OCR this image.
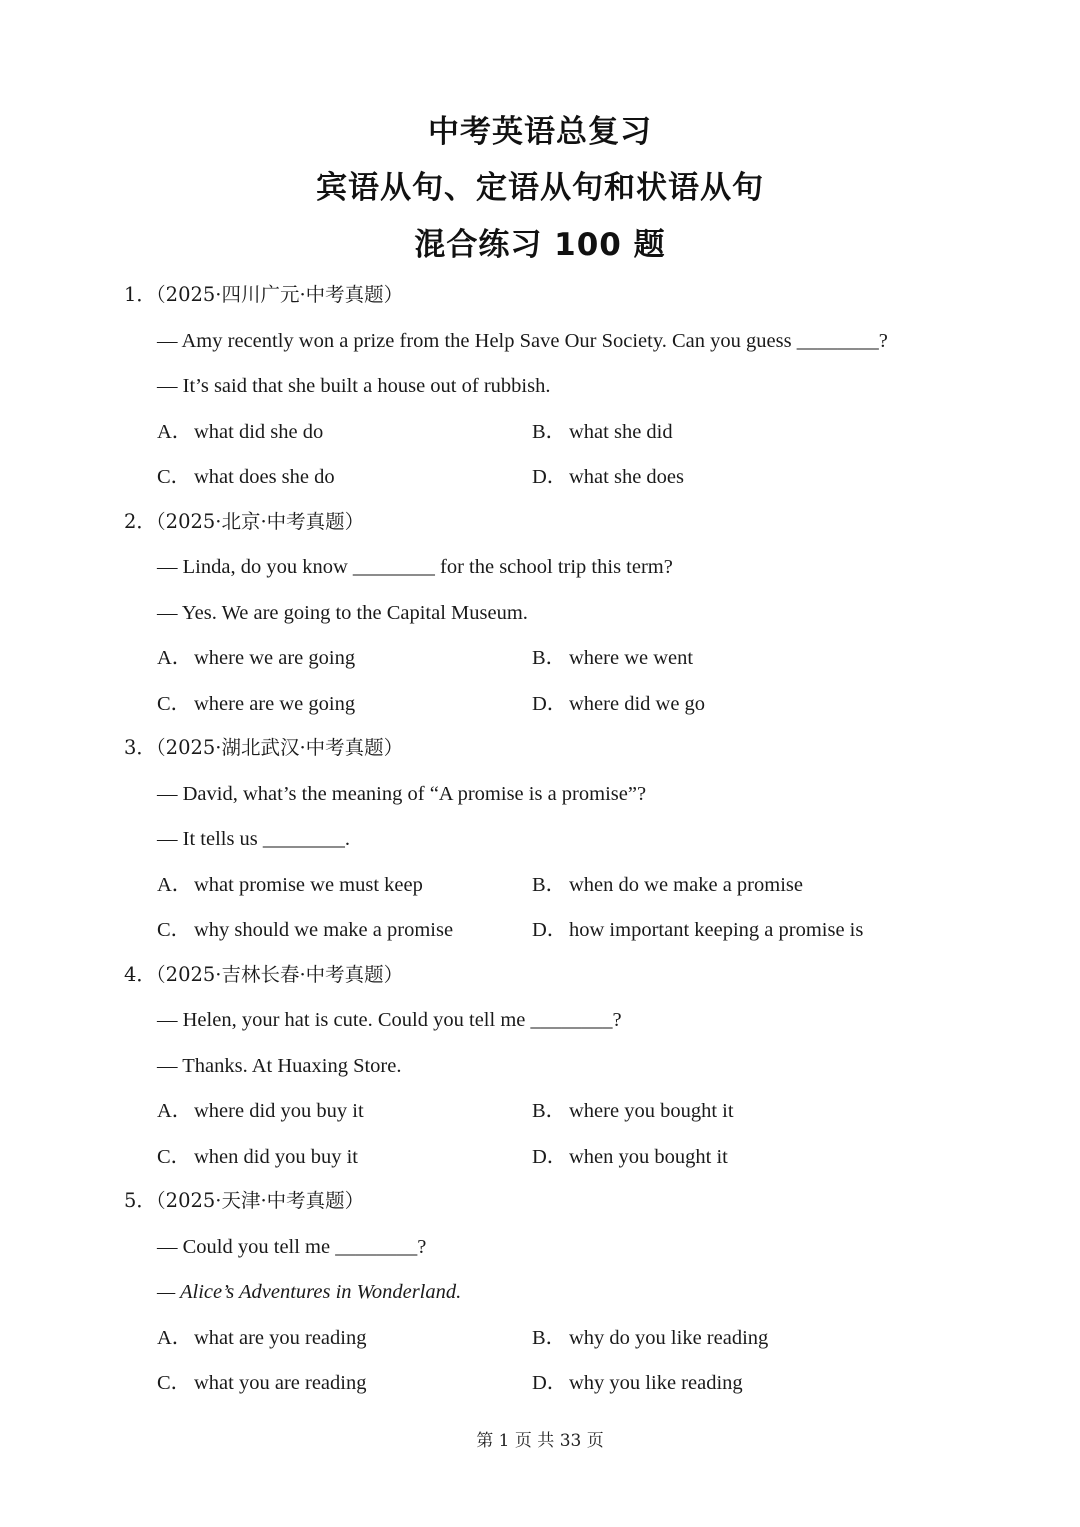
中考英语总复习
宾语从句、定语从句和状语从句
混合练习 100 题
1．（2025·四川广元·中考真题）
— Amy recently won a prize from the Help Save Our Society. Can you guess ________?
— It’s said that she built a house out of rubbish.
A．what did she do	B． what she did
C． what does she do	D．what she does
2．（2025·北京·中考真题）
— Linda, do you know ________ for the school trip this term?
— Yes. We are going to the Capital Museum.
A．where we are going	B． where we went
C． where are we going	D．where did we go
3．（2025·湖北武汉·中考真题）
— David, what’s the meaning of “A promise is a promise”?
— It tells us ________.
A．what promise we must keep	B． when do we make a promise
C． why should we make a promise	D．how important keeping a promise is
4．（2025·吉林长春·中考真题）
— Helen, your hat is cute. Could you tell me ________?
— Thanks. At Huaxing Store.
A．where did you buy it	B． where you bought it
C． when did you buy it	D．when you bought it
5．（2025·天津·中考真题）
— Could you tell me ________?
— Alice’s Adventures in Wonderland.
A．what are you reading	B． why do you like reading
C． what you are reading	D．why you like reading
第 1 页 共 33 页
